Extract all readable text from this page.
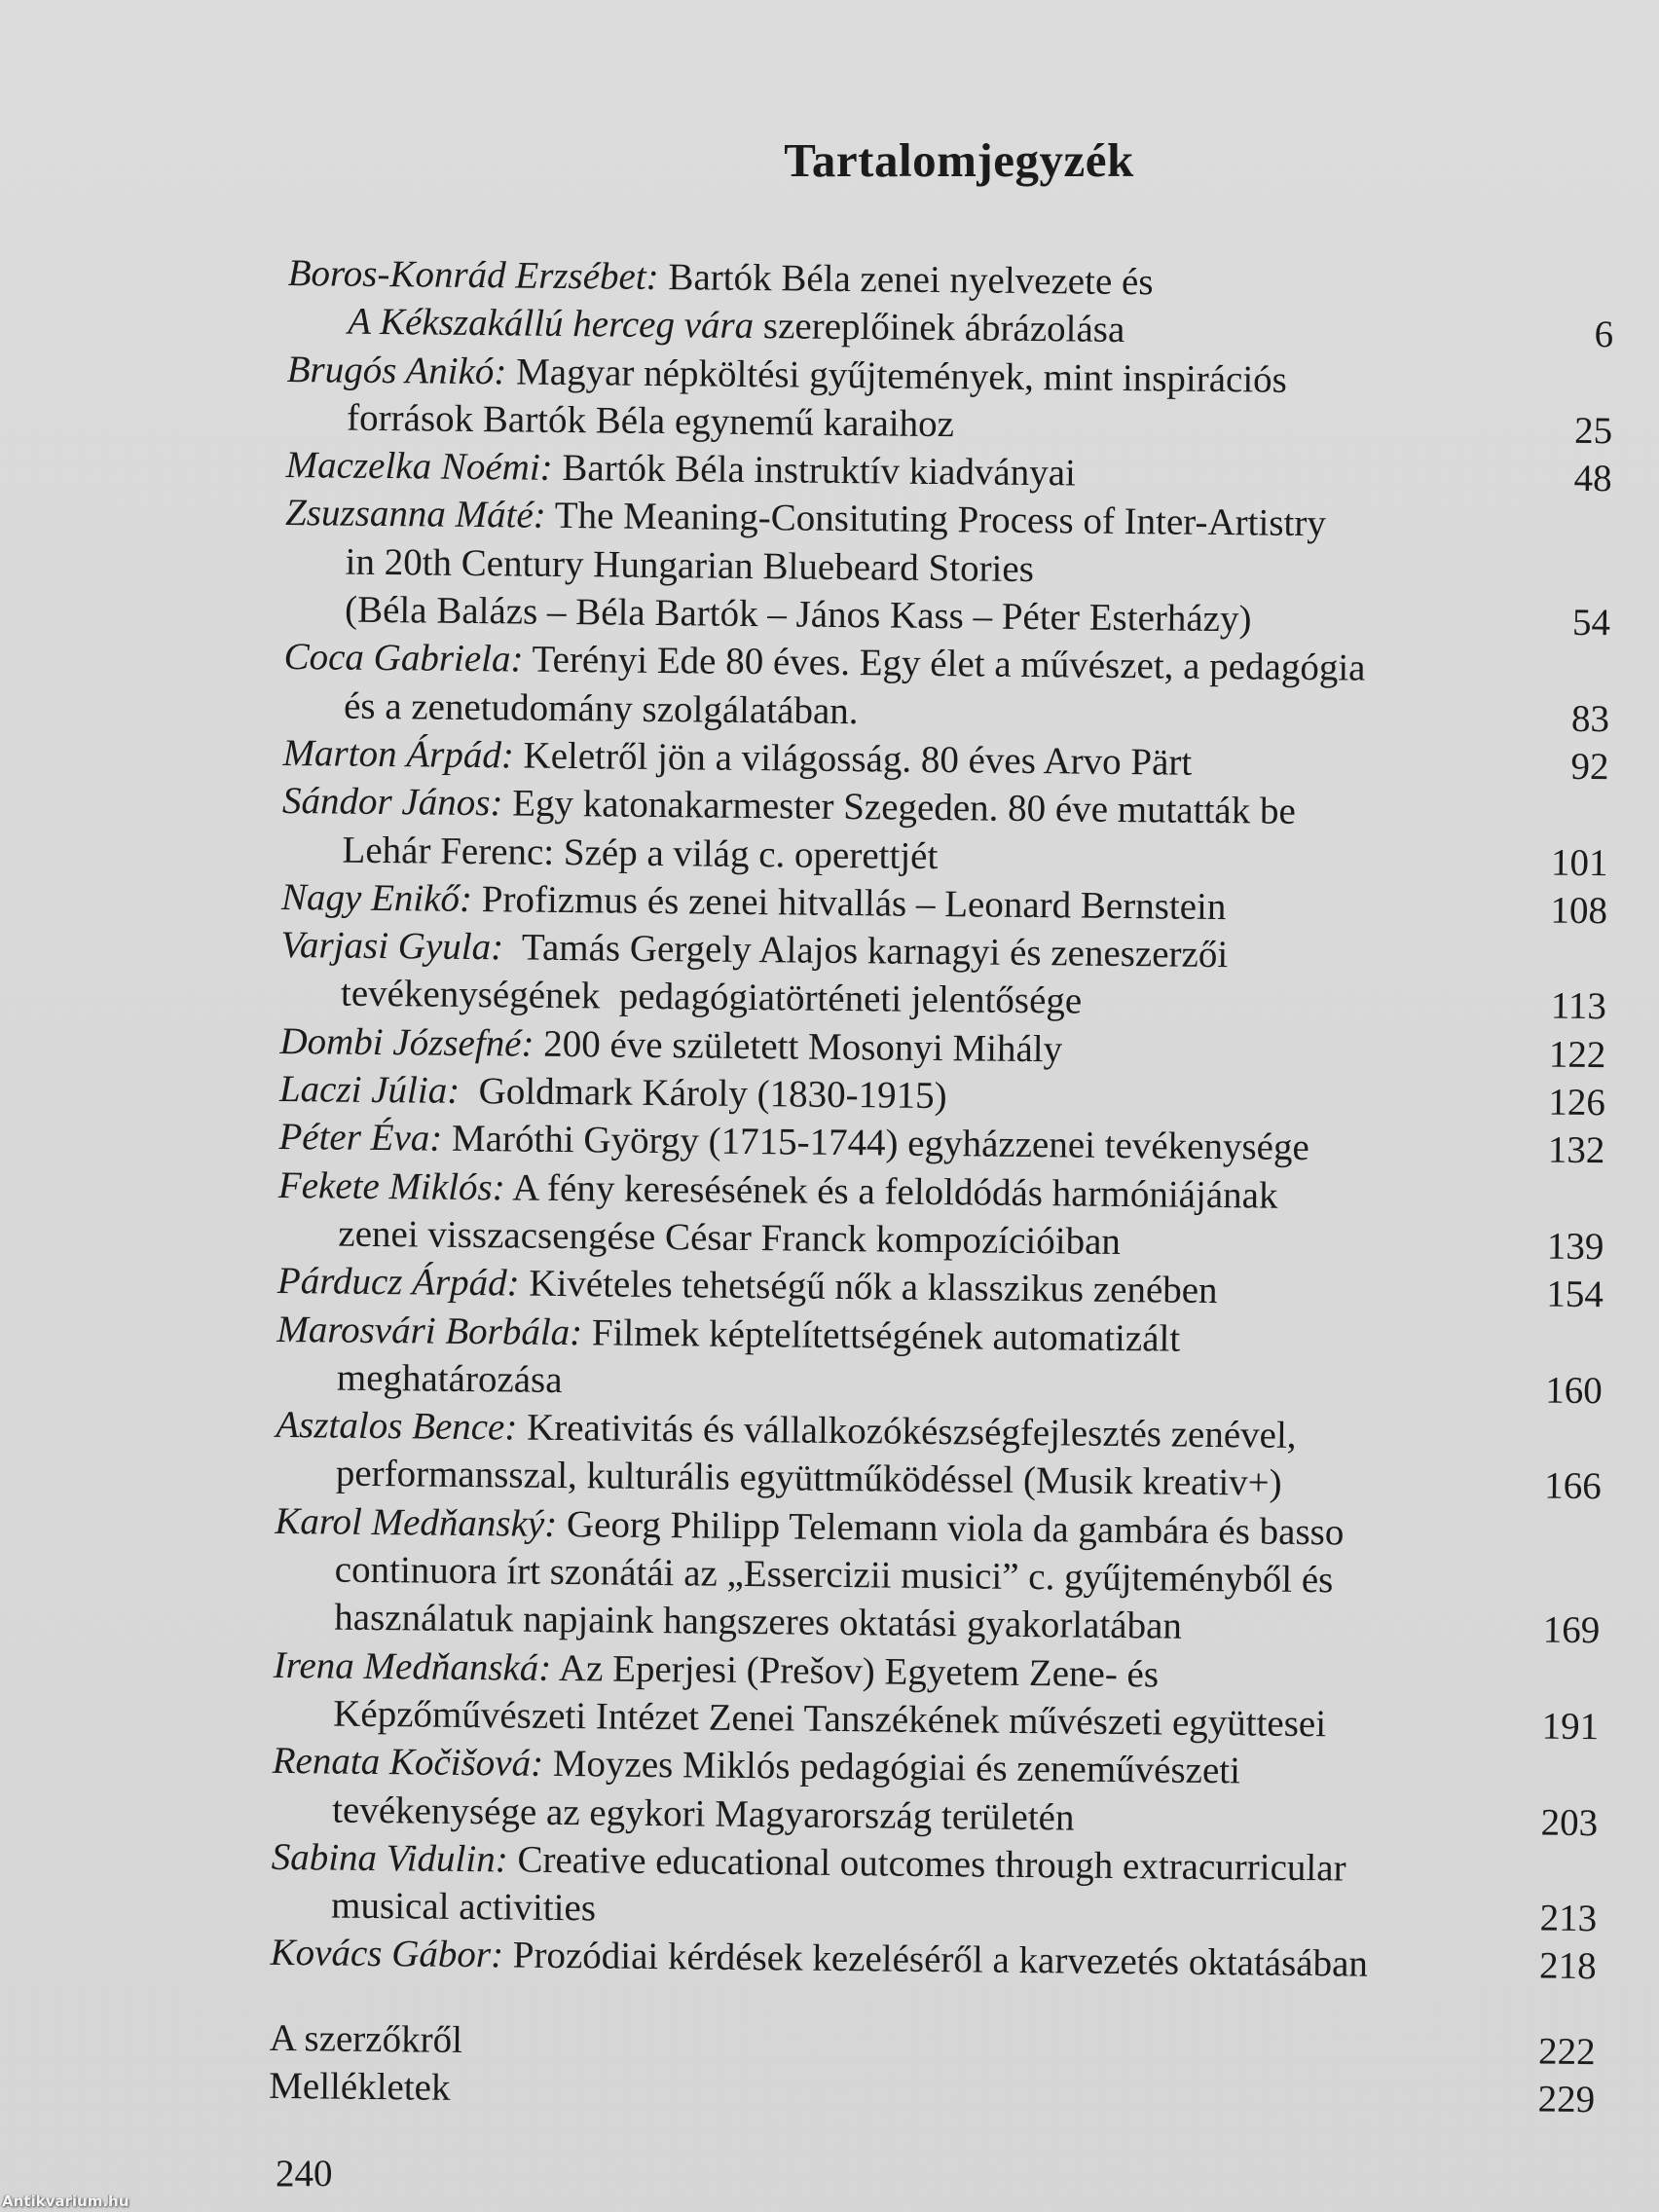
Tartalomjegyzék
Boros-Konrád Erzsébet: Bartók Béla zenei nyelvezete és
A Kékszakállú herceg vára szereplőinek ábrázolása	6
Brugós Anikó: Magyar népköltési gyűjtemények, mint inspirációs
források Bartók Béla egynemű karaihoz	25
Maczelka Noémi: Bartók Béla instruktív kiadványai	48
Zsuzsanna Máté: The Meaning-Consituting Process of Inter-Artistry
in 20th Century Hungarian Bluebeard Stories
(Béla Balázs – Béla Bartók – János Kass – Péter Esterházy)	54
Coca Gabriela: Terényi Ede 80 éves. Egy élet a művészet, a pedagógia
és a zenetudomány szolgálatában.	83
Marton Árpád: Keletről jön a világosság. 80 éves Arvo Pärt	92
Sándor János: Egy katonakarmester Szegeden. 80 éve mutatták be
Lehár Ferenc: Szép a világ c. operettjét	101
Nagy Enikő: Profizmus és zenei hitvallás – Leonard Bernstein	108
Varjasi Gyula:  Tamás Gergely Alajos karnagyi és zeneszerzői
tevékenységének  pedagógiatörténeti jelentősége	113
Dombi Józsefné: 200 éve született Mosonyi Mihály	122
Laczi Júlia:  Goldmark Károly (1830-1915)	126
Péter Éva: Maróthi György (1715-1744) egyházzenei tevékenysége	132
Fekete Miklós: A fény keresésének és a feloldódás harmóniájának
zenei visszacsengése César Franck kompozícióiban	139
Párducz Árpád: Kivételes tehetségű nők a klasszikus zenében	154
Marosvári Borbála: Filmek képtelítettségének automatizált
meghatározása	160
Asztalos Bence: Kreativitás és vállalkozókészségfejlesztés zenével,
performansszal, kulturális együttműködéssel (Musik kreativ+)	166
Karol Medňanský: Georg Philipp Telemann viola da gambára és basso
continuora írt szonátái az „Essercizii musici” c. gyűjteményből és
használatuk napjaink hangszeres oktatási gyakorlatában	169
Irena Medňanská: Az Eperjesi (Prešov) Egyetem Zene- és
Képzőművészeti Intézet Zenei Tanszékének művészeti együttesei	191
Renata Kočišová: Moyzes Miklós pedagógiai és zeneművészeti
tevékenysége az egykori Magyarország területén	203
Sabina Vidulin: Creative educational outcomes through extracurricular
musical activities	213
Kovács Gábor: Prozódiai kérdések kezeléséről a karvezetés oktatásában	218
A szerzőkről	222
Mellékletek	229
240
Antikvarium.hu
